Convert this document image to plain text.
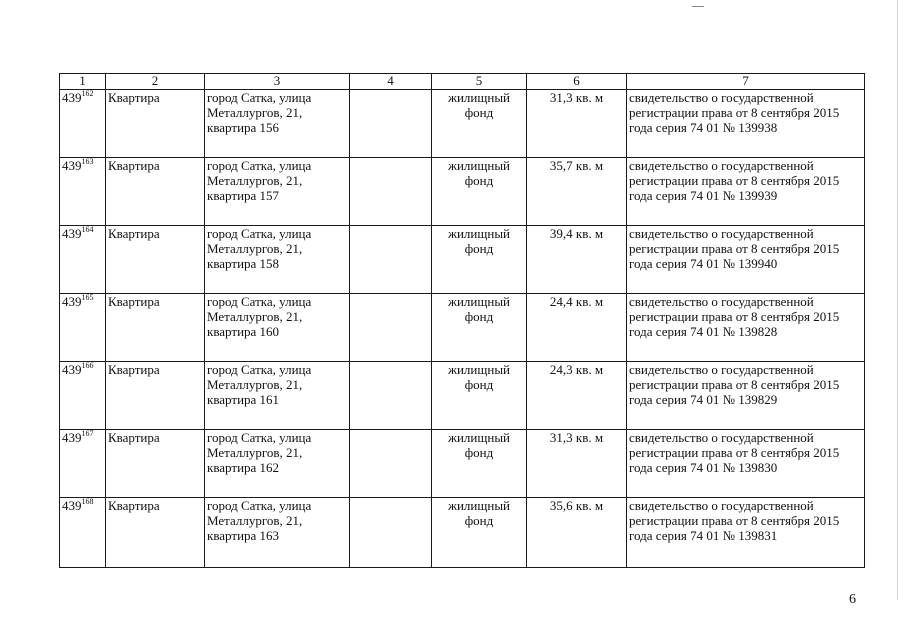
1	2	3	4	5	6	7
$439^{162}$	Квартира	город Сатка, улица Металлургов, 21, квартира 156		жилищный фонд	31,3 кв. м	свидетельство о государственной регистрации права от 8 сентября 2015 года серия 74 01 № 139938
$439^{163}$	Квартира	город Сатка, улица Металлургов, 21, квартира 157		жилищный фонд	35,7 кв. м	свидетельство о государственной регистрации права от 8 сентября 2015 года серия 74 01 № 139939
$439^{164}$	Квартира	город Сатка, улица Металлургов, 21, квартира 158		жилищный фонд	39,4 кв. м	свидетельство о государственной регистрации права от 8 сентября 2015 года серия 74 01 № 139940
$439^{165}$	Квартира	город Сатка, улица Металлургов, 21, квартира 160		жилищный фонд	24,4 кв. м	свидетельство о государственной регистрации права от 8 сентября 2015 года серия 74 01 № 139828
$439^{166}$	Квартира	город Сатка, улица Металлургов, 21, квартира 161		жилищный фонд	24,3 кв. м	свидетельство о государственной регистрации права от 8 сентября 2015 года серия 74 01 № 139829
$439^{167}$	Квартира	город Сатка, улица Металлургов, 21, квартира 162		жилищный фонд	31,3 кв. м	свидетельство о государственной регистрации права от 8 сентября 2015 года серия 74 01 № 139830
$439^{168}$	Квартира	город Сатка, улица Металлургов, 21, квартира 163		жилищный фонд	35,6 кв. м	свидетельство о государственной регистрации права от 8 сентября 2015 года серия 74 01 № 139831
6
